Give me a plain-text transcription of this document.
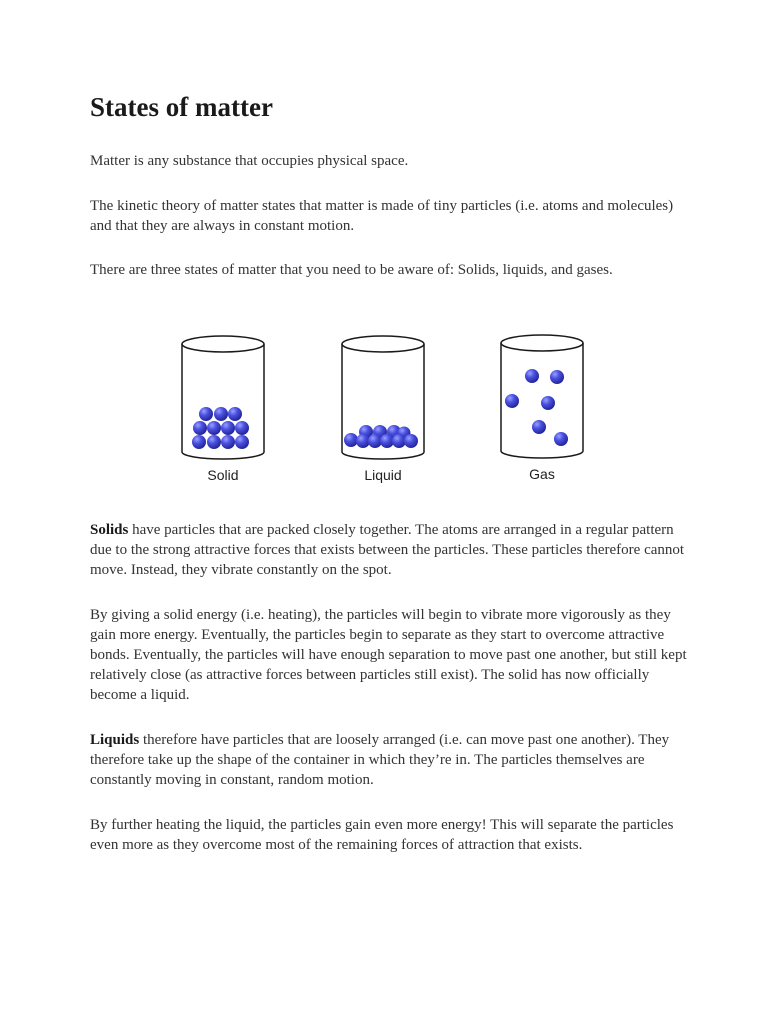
States of matter

Matter is any substance that occupies physical space.

The kinetic theory of matter states that matter is made of tiny particles (i.e. atoms and molecules) and that they are always in constant motion.

There are three states of matter that you need to be aware of: Solids, liquids, and gases.

Solid	Liquid	Gas

Solids have particles that are packed closely together. The atoms are arranged in a regular pattern due to the strong attractive forces that exists between the particles. These particles therefore cannot move. Instead, they vibrate constantly on the spot.

By giving a solid energy (i.e. heating), the particles will begin to vibrate more vigorously as they gain more energy. Eventually, the particles begin to separate as they start to overcome attractive bonds. Eventually, the particles will have enough separation to move past one another, but still kept relatively close (as attractive forces between particles still exist). The solid has now officially become a liquid.

Liquids therefore have particles that are loosely arranged (i.e. can move past one another). They therefore take up the shape of the container in which they’re in. The particles themselves are constantly moving in constant, random motion.

By further heating the liquid, the particles gain even more energy! This will separate the particles even more as they overcome most of the remaining forces of attraction that exists.
